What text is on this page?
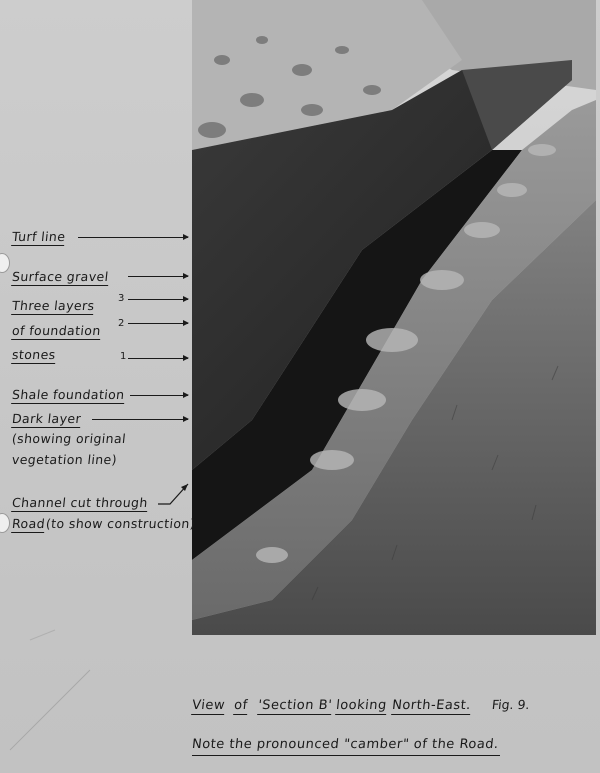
Turf line
Surface gravel
Three layers 3
of foundation 2
stones	1
Shale foundation
Dark layer
(showing original
vegetation line)
Channel cut through
Road (to show construction)
View of 'Section B' looking North-East. Fig. 9.
Note the pronounced "camber" of the Road.
